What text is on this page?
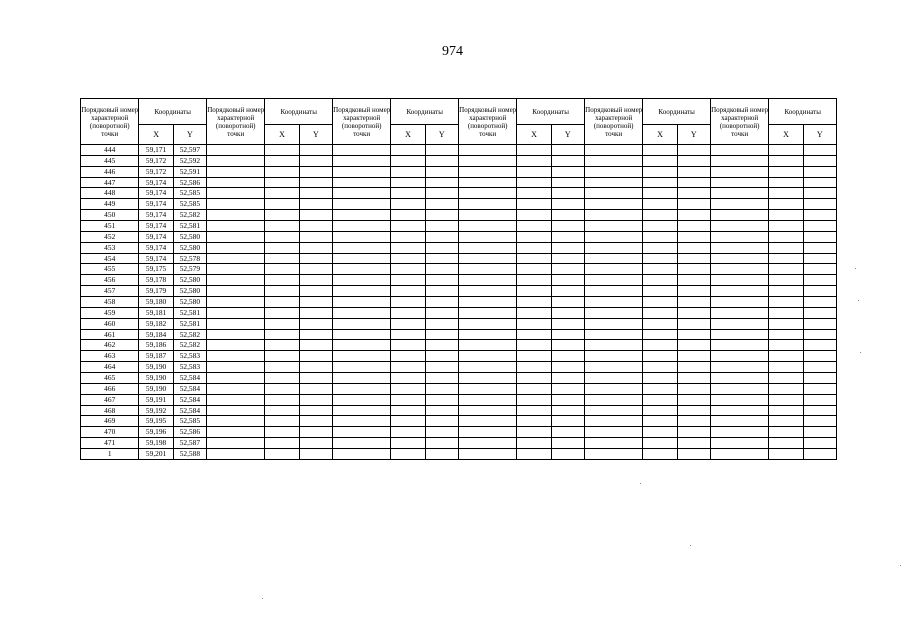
974
Порядковый номер характерной (поворотной) точки	Координаты		Порядковый номер характерной (поворотной) точки	Координаты		Порядковый номер характерной (поворотной) точки	Координаты		Порядковый номер характерной (поворотной) точки	Координаты		Порядковый номер характерной (поворотной) точки	Координаты		Порядковый номер характерной (поворотной) точки	Координаты	
	X	Y		X	Y		X	Y		X	Y		X	Y		X	Y
444	59,171	52,597															
445	59,172	52,592															
446	59,172	52,591															
447	59,174	52,586															
448	59,174	52,585															
449	59,174	52,585															
450	59,174	52,582															
451	59,174	52,581															
452	59,174	52,580															
453	59,174	52,580															
454	59,174	52,578															
455	59,175	52,579															
456	59,178	52,580															
457	59,179	52,580															
458	59,180	52,580															
459	59,181	52,581															
460	59,182	52,581															
461	59,184	52,582															
462	59,186	52,582															
463	59,187	52,583															
464	59,190	52,583															
465	59,190	52,584															
466	59,190	52,584															
467	59,191	52,584															
468	59,192	52,584															
469	59,195	52,585															
470	59,196	52,586															
471	59,198	52,587															
1	59,201	52,588															
